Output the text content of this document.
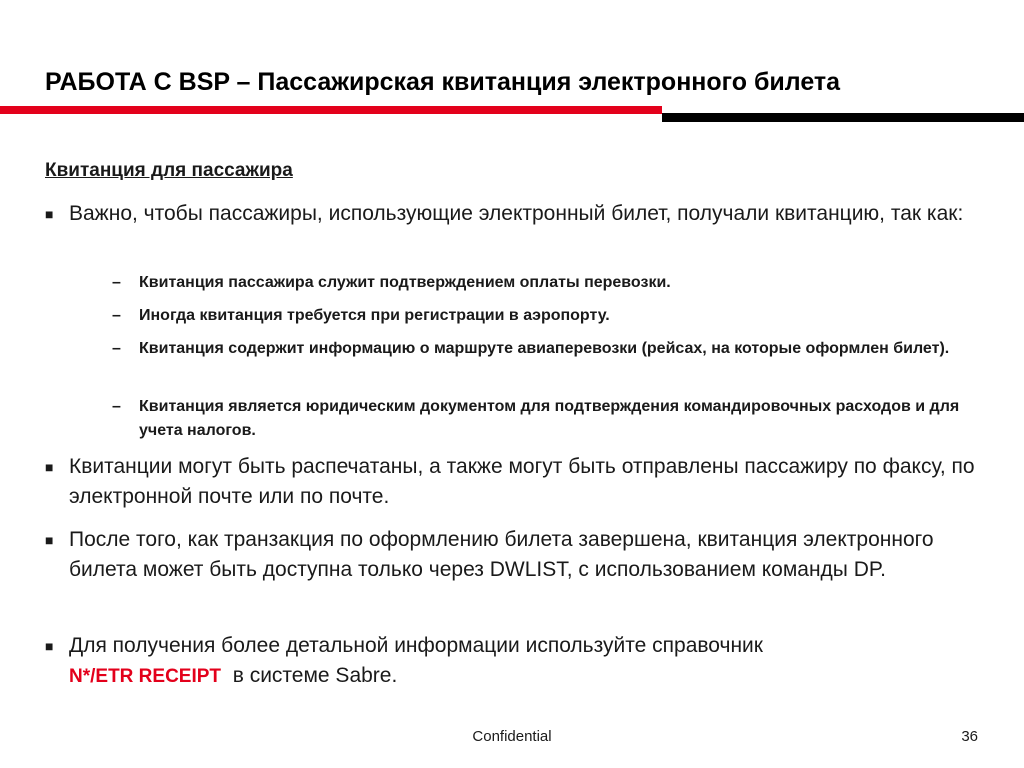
РАБОТА С BSP – Пассажирская квитанция электронного билета
Квитанция для пассажира
■ Важно, чтобы пассажиры, использующие электронный билет, получали квитанцию, так как:
–	Квитанция пассажира служит подтверждением оплаты перевозки.
–	Иногда квитанция требуется при регистрации в аэропорту.
–	Квитанция содержит информацию о маршруте авиаперевозки (рейсах, на которые оформлен билет).
–	Квитанция является юридическим документом для подтверждения командировочных расходов и для учета налогов.
■ Квитанции могут быть распечатаны, а также могут быть отправлены пассажиру по факсу, по электронной почте или по почте.
■ После того, как транзакция по оформлению билета завершена, квитанция электронного билета может быть доступна только через DWLIST, с использованием команды DP.
■ Для получения более детальной информации используйте справочник
N*/ETR RECEIPT в системе Sabre.
Confidential	36
